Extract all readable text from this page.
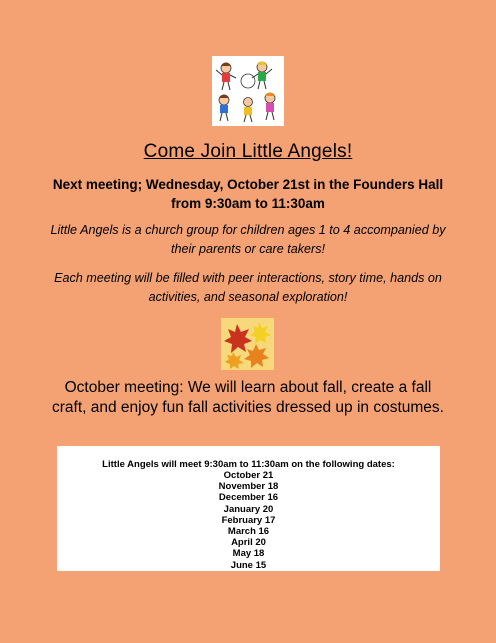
Come Join Little Angels!
Next meeting; Wednesday, October 21st in the Founders Hall from 9:30am to 11:30am
Little Angels is a church group for children ages 1 to 4 accompanied by their parents or care takers!
Each meeting will be filled with peer interactions, story time, hands on activities, and seasonal exploration!
October meeting: We will learn about fall, create a fall craft, and enjoy fun fall activities dressed up in costumes.
Little Angels will meet 9:30am to 11:30am on the following dates:
October 21
November 18
December 16
January 20
February 17
March 16
April 20
May 18
June 15
